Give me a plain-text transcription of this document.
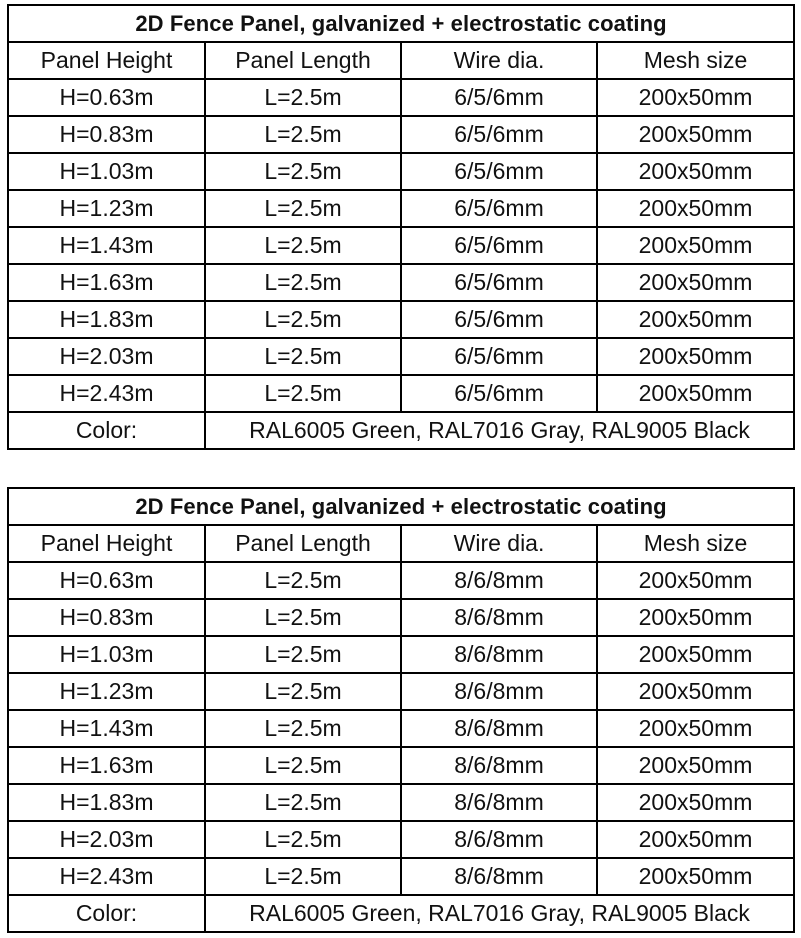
2D Fence Panel, galvanized + electrostatic coating			
Panel Height	Panel Length	Wire dia.	Mesh size
H=0.63m	L=2.5m	6/5/6mm	200x50mm
H=0.83m	L=2.5m	6/5/6mm	200x50mm
H=1.03m	L=2.5m	6/5/6mm	200x50mm
H=1.23m	L=2.5m	6/5/6mm	200x50mm
H=1.43m	L=2.5m	6/5/6mm	200x50mm
H=1.63m	L=2.5m	6/5/6mm	200x50mm
H=1.83m	L=2.5m	6/5/6mm	200x50mm
H=2.03m	L=2.5m	6/5/6mm	200x50mm
H=2.43m	L=2.5m	6/5/6mm	200x50mm
Color:	RAL6005 Green, RAL7016 Gray, RAL9005 Black		
2D Fence Panel, galvanized + electrostatic coating			
Panel Height	Panel Length	Wire dia.	Mesh size
H=0.63m	L=2.5m	8/6/8mm	200x50mm
H=0.83m	L=2.5m	8/6/8mm	200x50mm
H=1.03m	L=2.5m	8/6/8mm	200x50mm
H=1.23m	L=2.5m	8/6/8mm	200x50mm
H=1.43m	L=2.5m	8/6/8mm	200x50mm
H=1.63m	L=2.5m	8/6/8mm	200x50mm
H=1.83m	L=2.5m	8/6/8mm	200x50mm
H=2.03m	L=2.5m	8/6/8mm	200x50mm
H=2.43m	L=2.5m	8/6/8mm	200x50mm
Color:	RAL6005 Green, RAL7016 Gray, RAL9005 Black		
